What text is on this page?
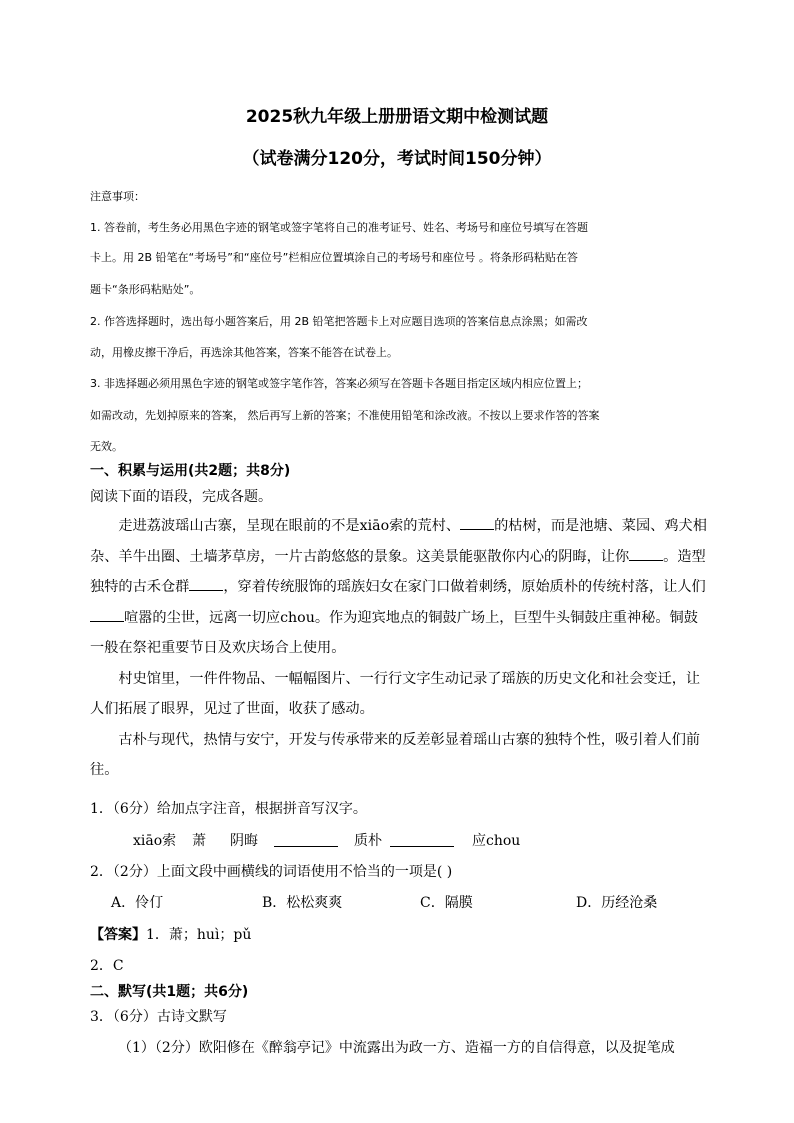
2025秋九年级上册册语文期中检测试题
（试卷满分120分，考试时间150分钟）
注意事项：
1. 答卷前，考生务必用黑色字迹的钢笔或签字笔将自己的准考证号、姓名、考场号和座位号填写在答题
卡上。用 2B 铅笔在“考场号”和“座位号”栏相应位置填涂自己的考场号和座位号 。将条形码粘贴在答
题卡“条形码粘贴处”。
2. 作答选择题时，选出每小题答案后，用 2B 铅笔把答题卡上对应题目选项的答案信息点涂黑；如需改
动，用橡皮擦干净后，再选涂其他答案，答案不能答在试卷上。
3. 非选择题必须用黑色字迹的钢笔或签字笔作答，答案必须写在答题卡各题目指定区域内相应位置上；
如需改动，先划掉原来的答案， 然后再写上新的答案；不准使用铅笔和涂改液。不按以上要求作答的答案
无效。
一、积累与运用(共2题；共8分)
阅读下面的语段，完成各题。

走进荔波瑶山古寨，呈现在眼前的不是xiāo索的荒村、 的枯树，而是池塘、菜园、鸡犬相杂、羊牛出圈、土墙茅草房，一片古韵悠悠的景象。这美景能驱散你内心的阴晦，让你 。造型独特的古禾仓群 ，穿着传统服饰的瑶族妇女在家门口做着刺绣，原始质朴的传统村落，让人们喧嚣的尘世，远离一切应chou。作为迎宾地点的铜鼓广场上，巨型牛头铜鼓庄重神秘。铜鼓一般在祭祀重要节日及欢庆场合上使用。

村史馆里，一件件物品、一幅幅图片、一行行文字生动记录了瑶族的历史文化和社会变迁，让人们拓展了眼界，见过了世面，收获了感动。

古朴与现代，热情与安宁，开发与传承带来的反差彰显着瑶山古寨的独特个性，吸引着人们前往。

1．（6分）给加点字注音，根据拼音写汉字。
xiāo索 萧 阴晦	质朴	应chou
2．（2分）上面文段中画横线的词语使用不恰当的一项是( )
A．伶仃	B．松松爽爽	C．隔膜	D．历经沧桑
【答案】1．萧；huì；pǔ
2．C
二、默写(共1题；共6分)
3．（6分）古诗文默写
（1）（2分）欧阳修在《醉翁亭记》中流露出为政一方、造福一方的自信得意，以及捉笔成
